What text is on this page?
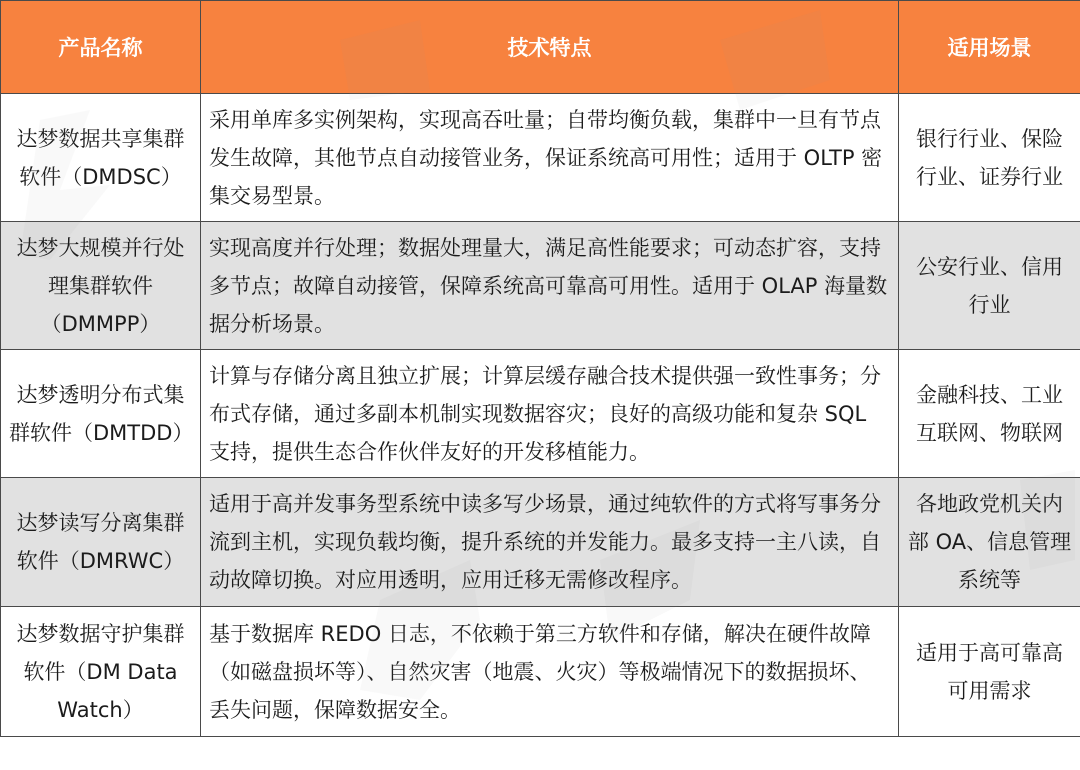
产品名称	技术特点	适用场景
达梦数据共享集群软件（DMDSC）	采用单库多实例架构，实现高吞吐量；自带均衡负载，集群中一旦有节点发生故障，其他节点自动接管业务，保证系统高可用性；适用于 OLTP 密集交易型景。	银行行业、保险行业、证券行业
达梦大规模并行处理集群软件（DMMPP）	实现高度并行处理；数据处理量大，满足高性能要求；可动态扩容，支持多节点；故障自动接管，保障系统高可靠高可用性。适用于 OLAP 海量数据分析场景。	公安行业、信用行业
达梦透明分布式集群软件（DMTDD）	计算与存储分离且独立扩展；计算层缓存融合技术提供强一致性事务；分布式存储，通过多副本机制实现数据容灾；良好的高级功能和复杂 SQL 支持，提供生态合作伙伴友好的开发移植能力。	金融科技、工业互联网、物联网
达梦读写分离集群软件（DMRWC）	适用于高并发事务型系统中读多写少场景，通过纯软件的方式将写事务分流到主机，实现负载均衡，提升系统的并发能力。最多支持一主八读，自动故障切换。对应用透明，应用迁移无需修改程序。	各地政党机关内部 OA、信息管理系统等
达梦数据守护集群软件（DM Data Watch）	基于数据库 REDO 日志，不依赖于第三方软件和存储，解决在硬件故障（如磁盘损坏等）、自然灾害（地震、火灾）等极端情况下的数据损坏、丢失问题，保障数据安全。	适用于高可靠高可用需求
